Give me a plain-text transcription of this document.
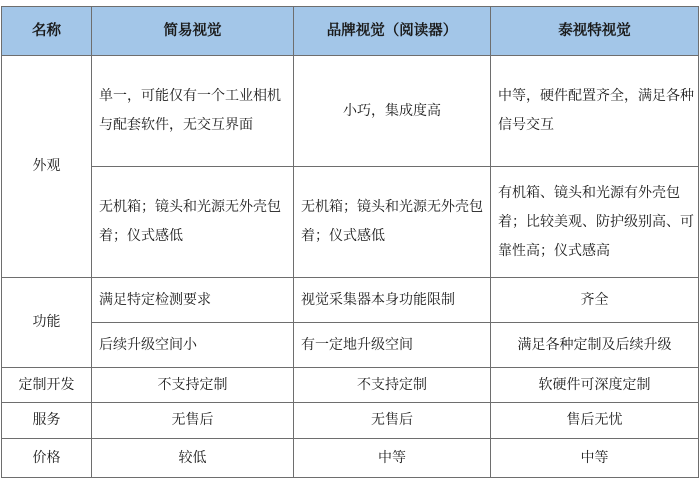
名称	简易视觉	品牌视觉（阅读器）	泰视特视觉
外观	单一，可能仅有一个工业相机与配套软件，无交互界面	小巧，集成度高	中等，硬件配置齐全，满足各种信号交互
	无机箱；镜头和光源无外壳包着；仪式感低	无机箱；镜头和光源无外壳包着；仪式感低	有机箱、镜头和光源有外壳包着；比较美观、防护级别高、可靠性高；仪式感高
功能	满足特定检测要求	视觉采集器本身功能限制	齐全
	后续升级空间小	有一定地升级空间	满足各种定制及后续升级
定制开发	不支持定制	不支持定制	软硬件可深度定制
服务	无售后	无售后	售后无忧
价格	较低	中等	中等
